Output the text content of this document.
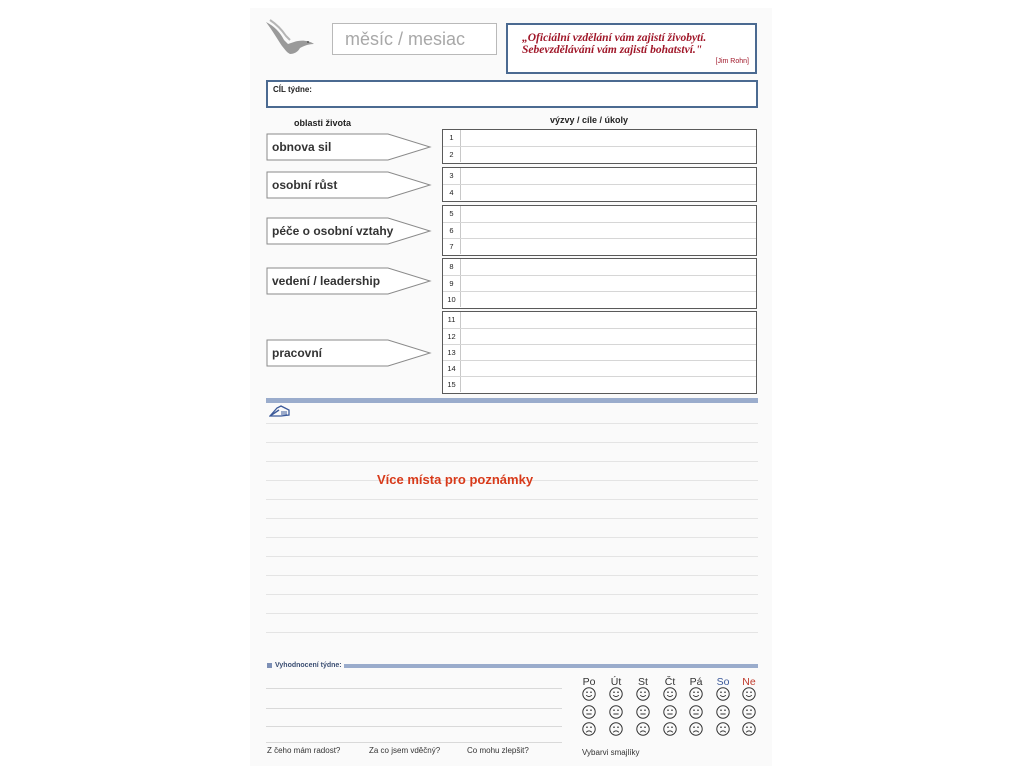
měsíc / mesiac	„Oficiální vzdělání vám zajistí živobytí. Sebevzdělávání vám zajistí bohatství."
[Jim Rohn]
CÍL týdne:
oblasti života	výzvy / cíle / úkoly
obnova sil
1
2
osobní růst
3
4
péče o osobní vztahy
5
6
7
vedení / leadership
8
9
10
pracovní
11
12
13
14
15
Více místa pro poznámky
Vyhodnocení týdne:
Z čeho mám radost?	Za co jsem vděčný?	Co mohu zlepšit?
Po	Út	St	Čt	Pá So Ne
Vybarvi smajlíky
